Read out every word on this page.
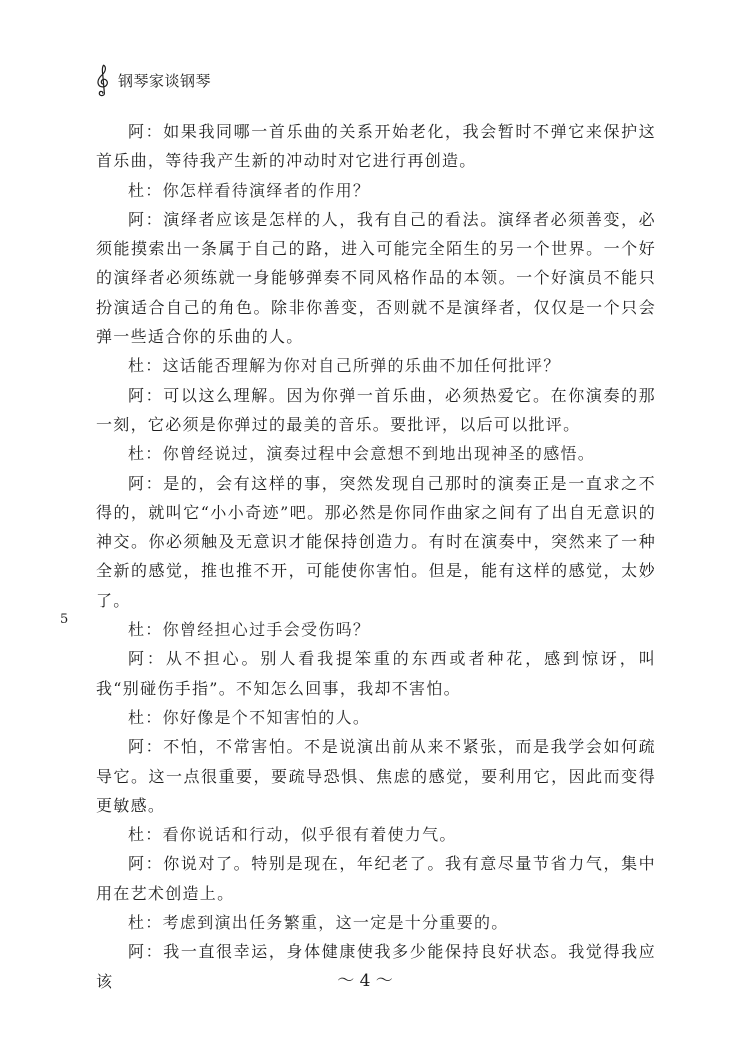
钢琴家谈钢琴

阿：如果我同哪一首乐曲的关系开始老化，我会暂时不弹它来保护这首乐曲，等待我产生新的冲动时对它进行再创造。

杜：你怎样看待演绎者的作用？

阿：演绎者应该是怎样的人，我有自己的看法。演绎者必须善变，必须能摸索出一条属于自己的路，进入可能完全陌生的另一个世界。一个好的演绎者必须练就一身能够弹奏不同风格作品的本领。一个好演员不能只扮演适合自己的角色。除非你善变，否则就不是演绎者，仅仅是一个只会弹一些适合你的乐曲的人。

杜：这话能否理解为你对自己所弹的乐曲不加任何批评？

阿：可以这么理解。因为你弹一首乐曲，必须热爱它。在你演奏的那一刻，它必须是你弹过的最美的音乐。要批评，以后可以批评。

杜：你曾经说过，演奏过程中会意想不到地出现神圣的感悟。

阿：是的，会有这样的事，突然发现自己那时的演奏正是一直求之不得的，就叫它“小小奇迹”吧。那必然是你同作曲家之间有了出自无意识的神交。你必须触及无意识才能保持创造力。有时在演奏中，突然来了一种全新的感觉，推也推不开，可能使你害怕。但是，能有这样的感觉，太妙了。

杜：你曾经担心过手会受伤吗？

阿：从不担心。别人看我提笨重的东西或者种花，感到惊讶，叫我“别碰伤手指”。不知怎么回事，我却不害怕。

杜：你好像是个不知害怕的人。

阿：不怕，不常害怕。不是说演出前从来不紧张，而是我学会如何疏导它。这一点很重要，要疏导恐惧、焦虑的感觉，要利用它，因此而变得更敏感。

杜：看你说话和行动，似乎很有着使力气。

阿：你说对了。特别是现在，年纪老了。我有意尽量节省力气，集中用在艺术创造上。

杜：考虑到演出任务繁重，这一定是十分重要的。

阿：我一直很幸运，身体健康使我多少能保持良好状态。我觉得我应该

5
～ 4 ～
